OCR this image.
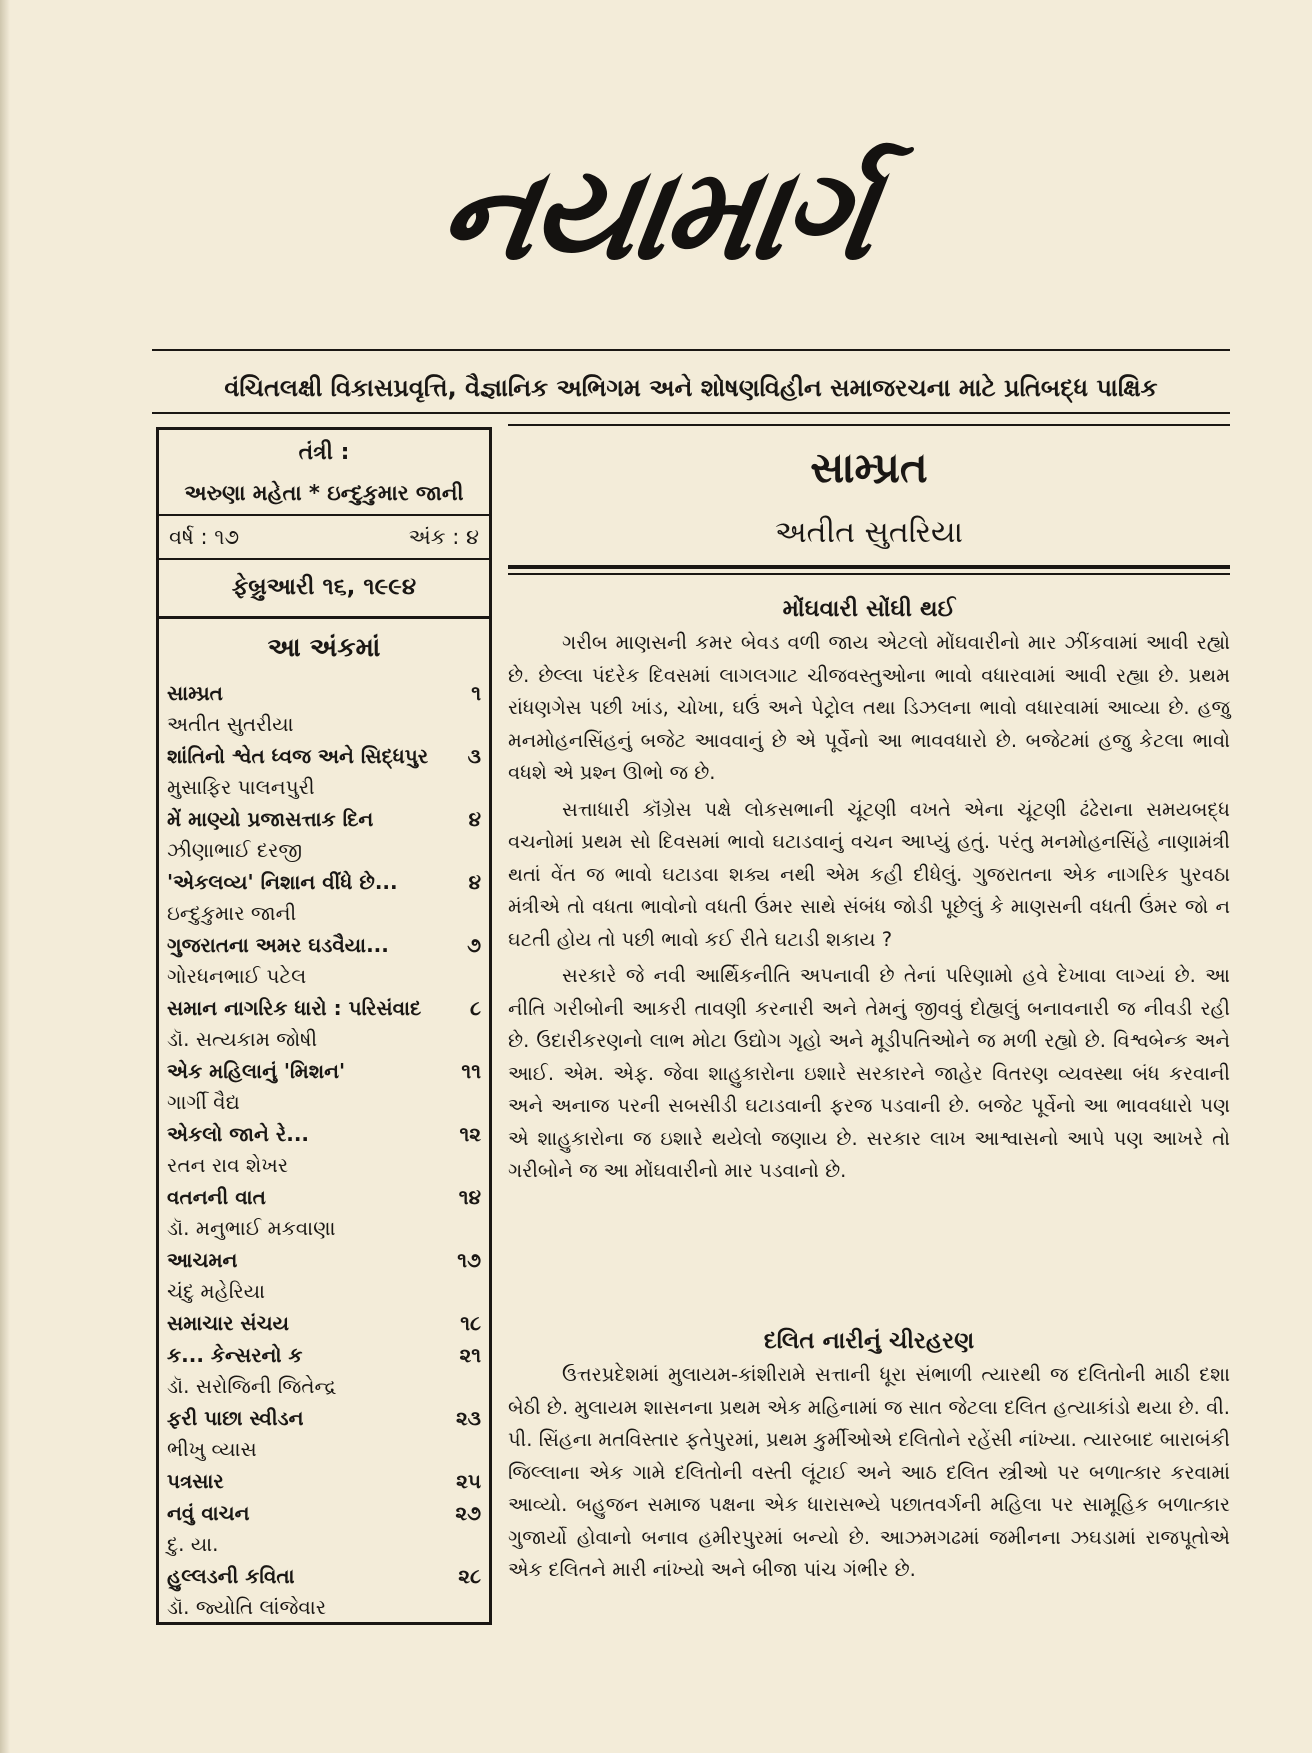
નયામાર્ગ
વંચિતલક્ષી વિકાસપ્રવૃત્તિ, વૈજ્ઞાનિક અભિગમ અને શોષણવિહીન સમાજરચના માટે પ્રતિબદ્ધ પાક્ષિક
તંત્રી :
અરુણા મહેતા * ઇન્દુકુમાર જાની
વર્ષ : ૧૭	અંક : ૪
ફેબ્રુઆરી ૧૬, ૧૯૯૪
આ અંકમાં
સામ્પ્રત	૧
અતીત સુતરીયા
શાંતિનો શ્વેત ધ્વજ અને સિદ્ધપુર	૩
મુસાફિર પાલનપુરી
મેં માણ્યો પ્રજાસત્તાક દિન	૪
ઝીણાભાઈ દરજી
'એકલવ્ય' નિશાન વીંધે છે...	૪
ઇન્દુકુમાર જાની
ગુજરાતના અમર ઘડવૈયા...	૭
ગોરધનભાઈ પટેલ
સમાન નાગરિક ધારો : પરિસંવાદ	૮
ડૉ. સત્યકામ જોષી
એક મહિલાનું 'મિશન'	૧૧
ગાર્ગી વૈદ્ય
એકલો જાને રે...	૧૨
રતન રાવ શેખર
વતનની વાત	૧૪
ડૉ. મનુભાઈ મકવાણા
આચમન	૧૭
ચંદુ મહેરિયા
સમાચાર સંચય	૧૮
ક... કેન્સરનો ક	૨૧
ડૉ. સરોજિની જિતેન્દ્ર
ફરી પાછા સ્વીડન	૨૩
ભીખુ વ્યાસ
પત્રસાર	૨૫
નવું વાચન	૨૭
દુ. યા.
હુલ્લડની કવિતા	૨૮
ડૉ. જ્યોતિ લાંજેવાર
સામ્પ્રત
અતીત સુતરિયા
મોંઘવારી સોંઘી થઈ

ગરીબ માણસની કમર બેવડ વળી જાય એટલો મોંઘવારીનો માર ઝીંકવામાં આવી રહ્યો છે. છેલ્લા પંદરેક દિવસમાં લાગલગાટ ચીજવસ્તુઓના ભાવો વધારવામાં આવી રહ્યા છે. પ્રથમ રાંધણગેસ પછી ખાંડ, ચોખા, ઘઉં અને પેટ્રોલ તથા ડિઝલના ભાવો વધારવામાં આવ્યા છે. હજુ મનમોહનસિંહનું બજેટ આવવાનું છે એ પૂર્વેનો આ ભાવવધારો છે. બજેટમાં હજુ કેટલા ભાવો વધશે એ પ્રશ્ન ઊભો જ છે.

સત્તાધારી કૉંગ્રેસ પક્ષે લોકસભાની ચૂંટણી વખતે એના ચૂંટણી ઢંઢેરાના સમયબદ્ધ વચનોમાં પ્રથમ સો દિવસમાં ભાવો ઘટાડવાનું વચન આપ્યું હતું. પરંતુ મનમોહનસિંહે નાણામંત્રી થતાં વેંત જ ભાવો ઘટાડવા શક્ય નથી એમ કહી દીધેલું. ગુજરાતના એક નાગરિક પુરવઠા મંત્રીએ તો વધતા ભાવોનો વધતી ઉંમર સાથે સંબંધ જોડી પૂછેલું કે માણસની વધતી ઉંમર જો ન ઘટતી હોય તો પછી ભાવો કઈ રીતે ઘટાડી શકાય ?

સરકારે જે નવી આર્થિકનીતિ અપનાવી છે તેનાં પરિણામો હવે દેખાવા લાગ્યાં છે. આ નીતિ ગરીબોની આકરી તાવણી કરનારી અને તેમનું જીવવું દોહ્યલું બનાવનારી જ નીવડી રહી છે. ઉદારીકરણનો લાભ મોટા ઉદ્યોગ ગૃહો અને મૂડીપતિઓને જ મળી રહ્યો છે. વિશ્વબેન્ક અને આઈ. એમ. એફ. જેવા શાહુકારોના ઇશારે સરકારને જાહેર વિતરણ વ્યવસ્થા બંધ કરવાની અને અનાજ પરની સબસીડી ઘટાડવાની ફરજ પડવાની છે. બજેટ પૂર્વેનો આ ભાવવધારો પણ એ શાહુકારોના જ ઇશારે થયેલો જણાય છે. સરકાર લાખ આશ્વાસનો આપે પણ આખરે તો ગરીબોને જ આ મોંઘવારીનો માર પડવાનો છે.

દલિત નારીનું ચીરહરણ

ઉત્તરપ્રદેશમાં મુલાયમ-કાંશીરામે સત્તાની ધૂરા સંભાળી ત્યારથી જ દલિતોની માઠી દશા બેઠી છે. મુલાયમ શાસનના પ્રથમ એક મહિનામાં જ સાત જેટલા દલિત હત્યાકાંડો થયા છે. વી. પી. સિંહના મતવિસ્તાર ફતેપુરમાં, પ્રથમ કુર્મીઓએ દલિતોને રહેંસી નાંખ્યા. ત્યારબાદ બારાબંકી જિલ્લાના એક ગામે દલિતોની વસ્તી લૂંટાઈ અને આઠ દલિત સ્ત્રીઓ પર બળાત્કાર કરવામાં આવ્યો. બહુજન સમાજ પક્ષના એક ધારાસભ્યે પછાતવર્ગની મહિલા પર સામૂહિક બળાત્કાર ગુજાર્યો હોવાનો બનાવ હમીરપુરમાં બન્યો છે. આઝમગઢમાં જમીનના ઝઘડામાં રાજપૂતોએ એક દલિતને મારી નાંખ્યો અને બીજા પાંચ ગંભીર છે.
